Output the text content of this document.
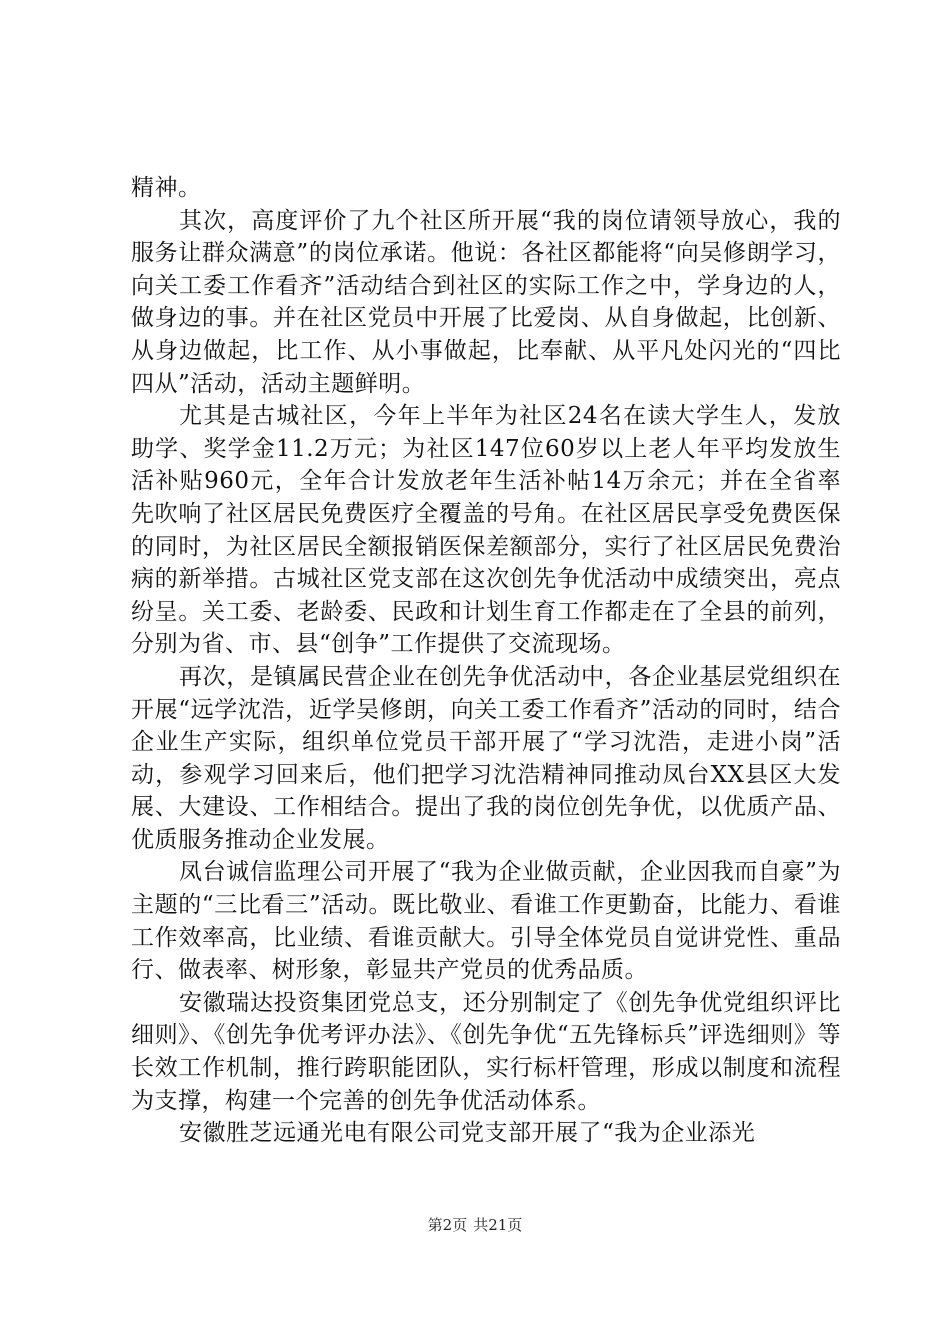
精神。

其次，高度评价了九个社区所开展“我的岗位请领导放心，我的服务让群众满意”的岗位承诺。他说：各社区都能将“向吴修朗学习，向关工委工作看齐”活动结合到社区的实际工作之中，学身边的人，做身边的事。并在社区党员中开展了比爱岗、从自身做起，比创新、从身边做起，比工作、从小事做起，比奉献、从平凡处闪光的“四比四从”活动，活动主题鲜明。

尤其是古城社区，今年上半年为社区24名在读大学生人，发放助学、奖学金11.2万元；为社区147位60岁以上老人年平均发放生活补贴960元，全年合计发放老年生活补帖14万余元；并在全省率先吹响了社区居民免费医疗全覆盖的号角。在社区居民享受免费医保的同时，为社区居民全额报销医保差额部分，实行了社区居民免费治病的新举措。古城社区党支部在这次创先争优活动中成绩突出，亮点纷呈。关工委、老龄委、民政和计划生育工作都走在了全县的前列，分别为省、市、县“创争”工作提供了交流现场。

再次，是镇属民营企业在创先争优活动中，各企业基层党组织在开展“远学沈浩，近学吴修朗，向关工委工作看齐”活动的同时，结合企业生产实际，组织单位党员干部开展了“学习沈浩，走进小岗”活动，参观学习回来后，他们把学习沈浩精神同推动凤台XX县区大发展、大建设、工作相结合。提出了我的岗位创先争优，以优质产品、优质服务推动企业发展。

凤台诚信监理公司开展了“我为企业做贡献，企业因我而自豪”为主题的“三比看三”活动。既比敬业、看谁工作更勤奋，比能力、看谁工作效率高，比业绩、看谁贡献大。引导全体党员自觉讲党性、重品行、做表率、树形象，彰显共产党员的优秀品质。

安徽瑞达投资集团党总支，还分别制定了《创先争优党组织评比细则》、《创先争优考评办法》、《创先争优“五先锋标兵”评选细则》等长效工作机制，推行跨职能团队，实行标杆管理，形成以制度和流程为支撑，构建一个完善的创先争优活动体系。

安徽胜芝远通光电有限公司党支部开展了“我为企业添光

第2页 共21页
